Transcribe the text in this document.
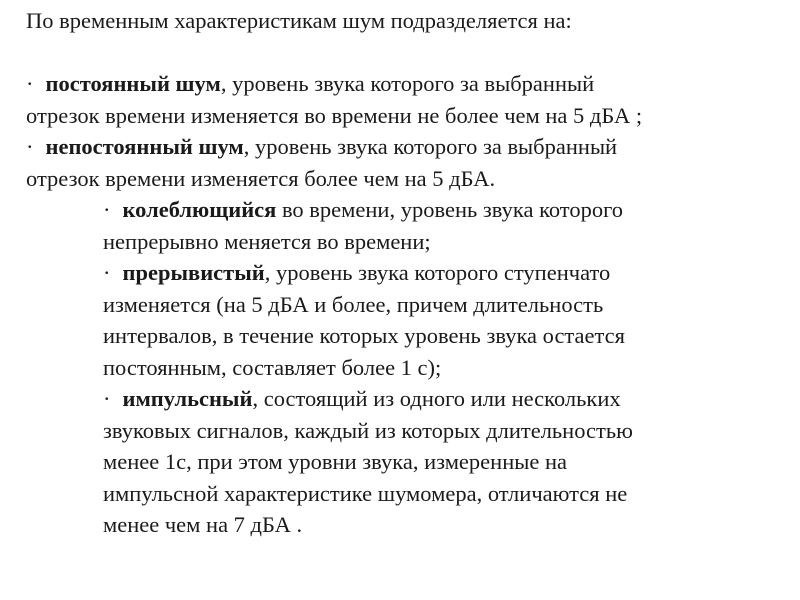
По временным характеристикам шум подразделяется на:
· постоянный шум, уровень звука которого за выбранный
отрезок времени изменяется во времени не более чем на 5 дБА ;
· непостоянный шум, уровень звука которого за выбранный
отрезок времени изменяется более чем на 5 дБА.
· колеблющийся во времени, уровень звука которого
непрерывно меняется во времени;
· прерывистый, уровень звука которого ступенчато
изменяется (на 5 дБА и более, причем длительность
интервалов, в течение которых уровень звука остается
постоянным, составляет более 1 с);
· импульсный, состоящий из одного или нескольких
звуковых сигналов, каждый из которых длительностью
менее 1с, при этом уровни звука, измеренные на
импульсной характеристике шумомера, отличаются не
менее чем на 7 дБА .
